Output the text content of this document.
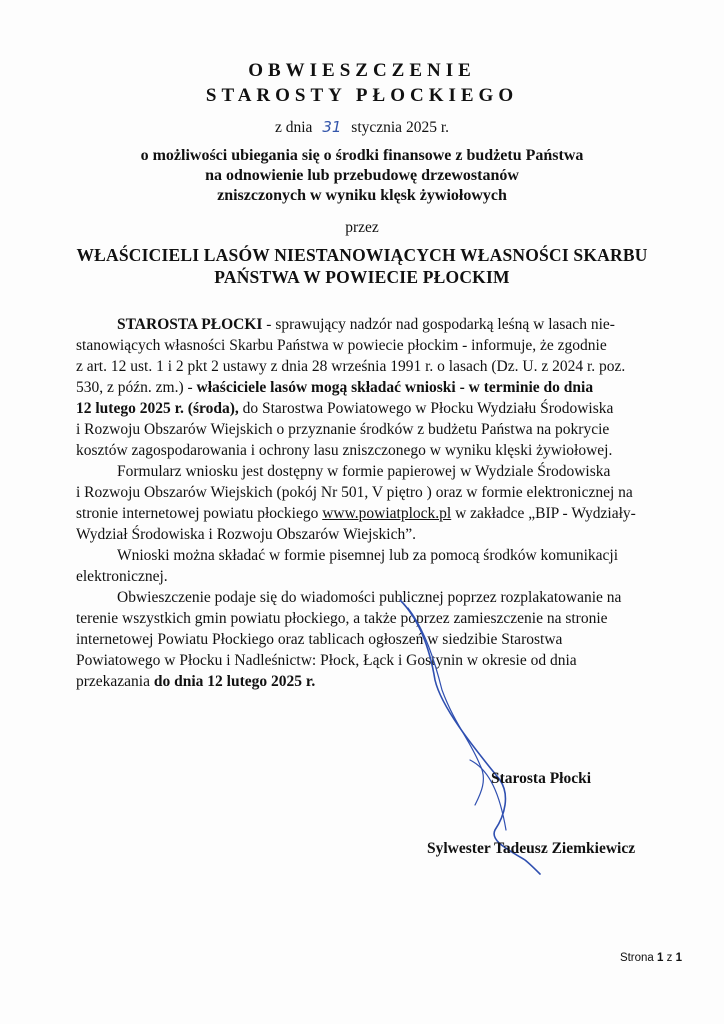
OBWIESZCZENIE
STAROSTY PŁOCKIEGO
z dnia 31 stycznia 2025 r.
o możliwości ubiegania się o środki finansowe z budżetu Państwa
na odnowienie lub przebudowę drzewostanów
zniszczonych w wyniku klęsk żywiołowych
przez
WŁAŚCICIELI LASÓW NIESTANOWIĄCYCH WŁASNOŚCI SKARBU
PAŃSTWA W POWIECIE PŁOCKIM
STAROSTA PŁOCKI - sprawujący nadzór nad gospodarką leśną w lasach nie-
stanowiących własności Skarbu Państwa w powiecie płockim - informuje, że zgodnie
z art. 12 ust. 1 i 2 pkt 2 ustawy z dnia 28 września 1991 r. o lasach (Dz. U. z 2024 r. poz.
530, z późn. zm.) - właściciele lasów mogą składać wnioski - w terminie do dnia
12 lutego 2025 r. (środa), do Starostwa Powiatowego w Płocku Wydziału Środowiska
i Rozwoju Obszarów Wiejskich o przyznanie środków z budżetu Państwa na pokrycie
kosztów zagospodarowania i ochrony lasu zniszczonego w wyniku klęski żywiołowej.
Formularz wniosku jest dostępny w formie papierowej w Wydziale Środowiska
i Rozwoju Obszarów Wiejskich (pokój Nr 501, V piętro ) oraz w formie elektronicznej na
stronie internetowej powiatu płockiego www.powiatplock.pl w zakładce „BIP - Wydziały-
Wydział Środowiska i Rozwoju Obszarów Wiejskich”.
Wnioski można składać w formie pisemnej lub za pomocą środków komunikacji
elektronicznej.
Obwieszczenie podaje się do wiadomości publicznej poprzez rozplakatowanie na
terenie wszystkich gmin powiatu płockiego, a także poprzez zamieszczenie na stronie
internetowej Powiatu Płockiego oraz tablicach ogłoszeń w siedzibie Starostwa
Powiatowego w Płocku i Nadleśnictw: Płock, Łąck i Gostynin w okresie od dnia
przekazania do dnia 12 lutego 2025 r.
Starosta Płocki
Sylwester Tadeusz Ziemkiewicz
Strona 1 z 1
